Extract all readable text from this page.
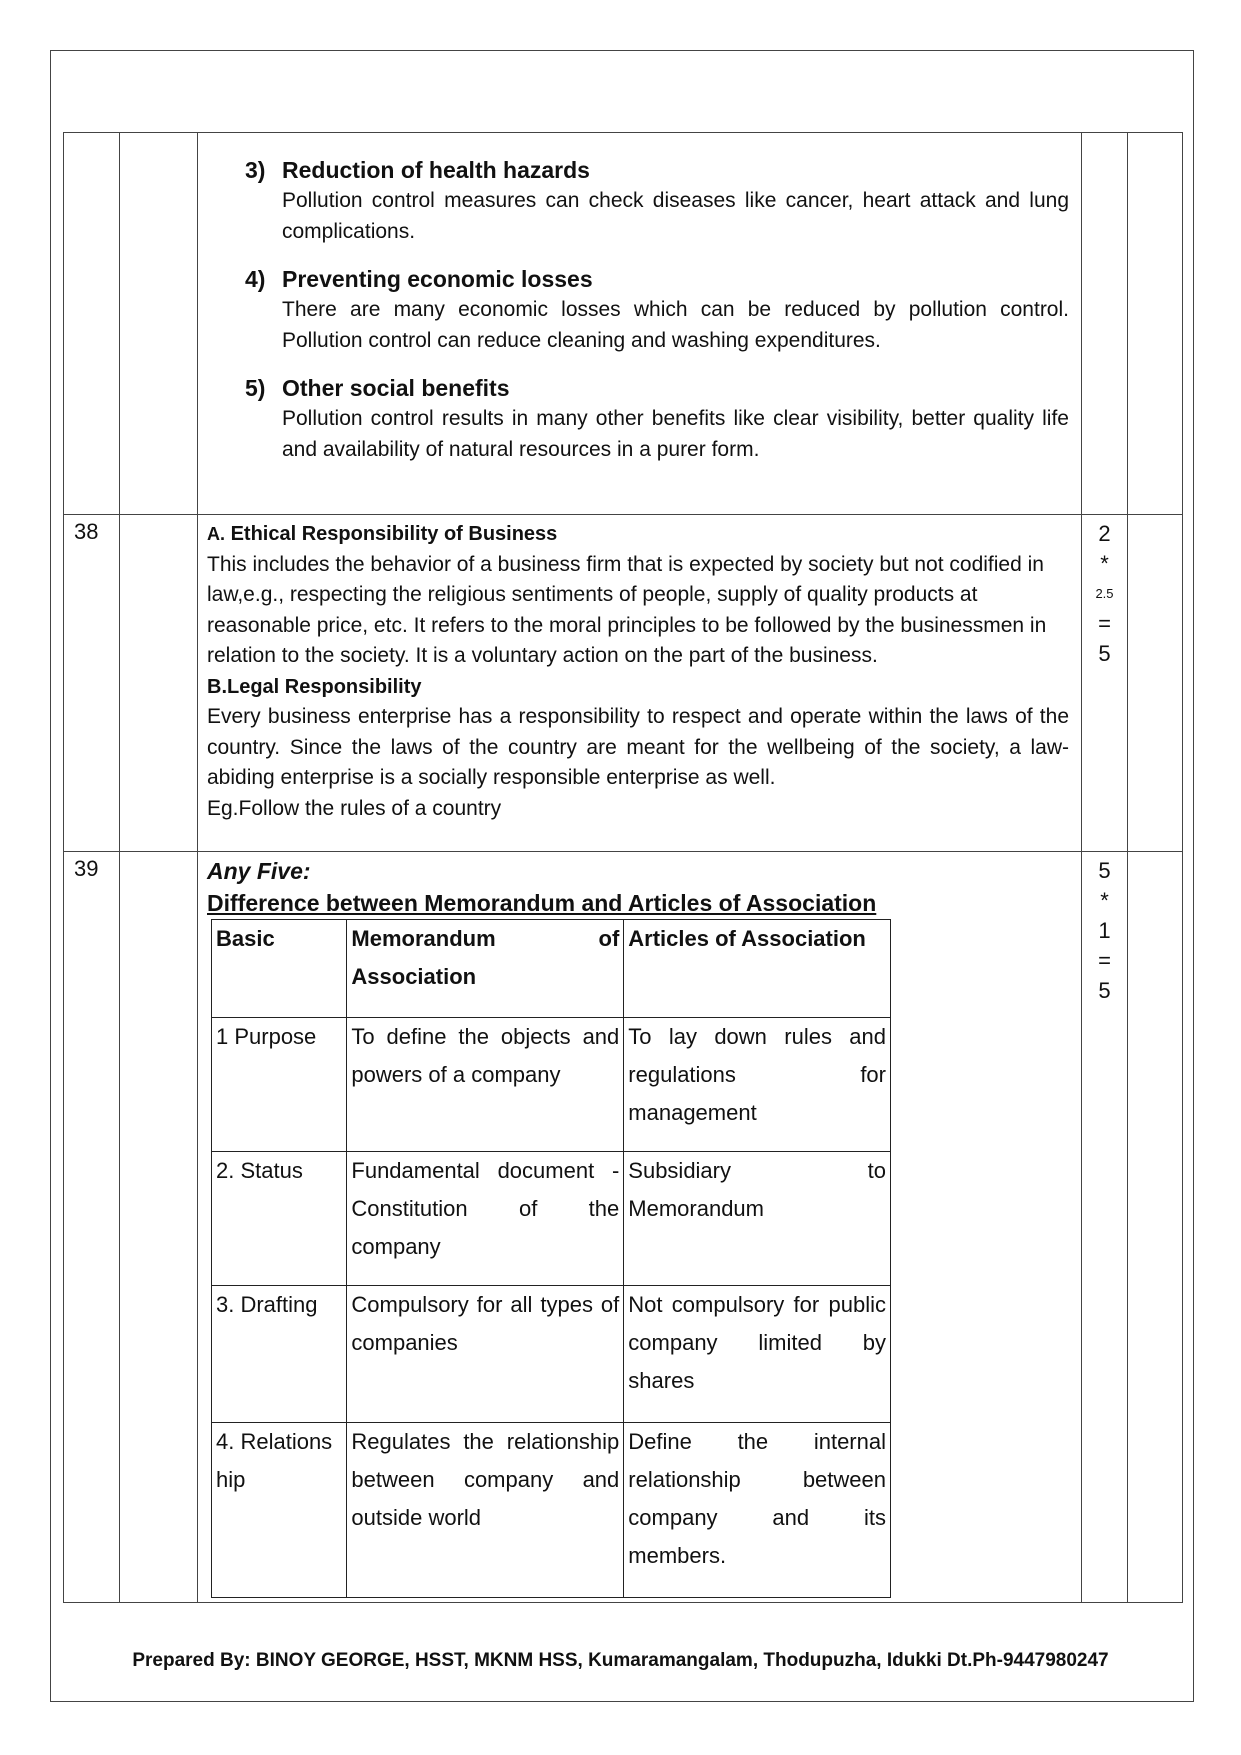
3) Reduction of health hazards
Pollution control measures can check diseases like cancer, heart attack and lung complications.
4) Preventing economic losses
There are many economic losses which can be reduced by pollution control. Pollution control can reduce cleaning and washing expenditures.
5) Other social benefits
Pollution control results in many other benefits like clear visibility, better quality life and availability of natural resources in a purer form.

38		A. Ethical Responsibility of Business
This includes the behavior of a business firm that is expected by society but not codified in law,e.g., respecting the religious sentiments of people, supply of quality products at reasonable price, etc. It refers to the moral principles to be followed by the businessmen in relation to the society. It is a voluntary action on the part of the business.
B.Legal Responsibility
Every business enterprise has a responsibility to respect and operate within the laws of the country. Since the laws of the country are meant for the wellbeing of the society, a law-abiding enterprise is a socially responsible enterprise as well.
Eg.Follow the rules of a country

2
*
2.5
=
5

39		Any Five:
Difference between Memorandum and Articles of Association
Basic	Memorandum of Association	Articles of Association
1 Purpose	To define the objects and powers of a company	To lay down rules and regulations for management
2. Status	Fundamental document -Constitution of the company	Subsidiary to Memorandum
3. Drafting	Compulsory for all types of companies	Not compulsory for public company limited by shares
4. Relationship	Regulates the relationship between company and outside world	Define the internal relationship between company and its members.

5
*
1
=
5

Prepared By: BINOY GEORGE, HSST, MKNM HSS, Kumaramangalam, Thodupuzha, Idukki Dt.Ph-9447980247
